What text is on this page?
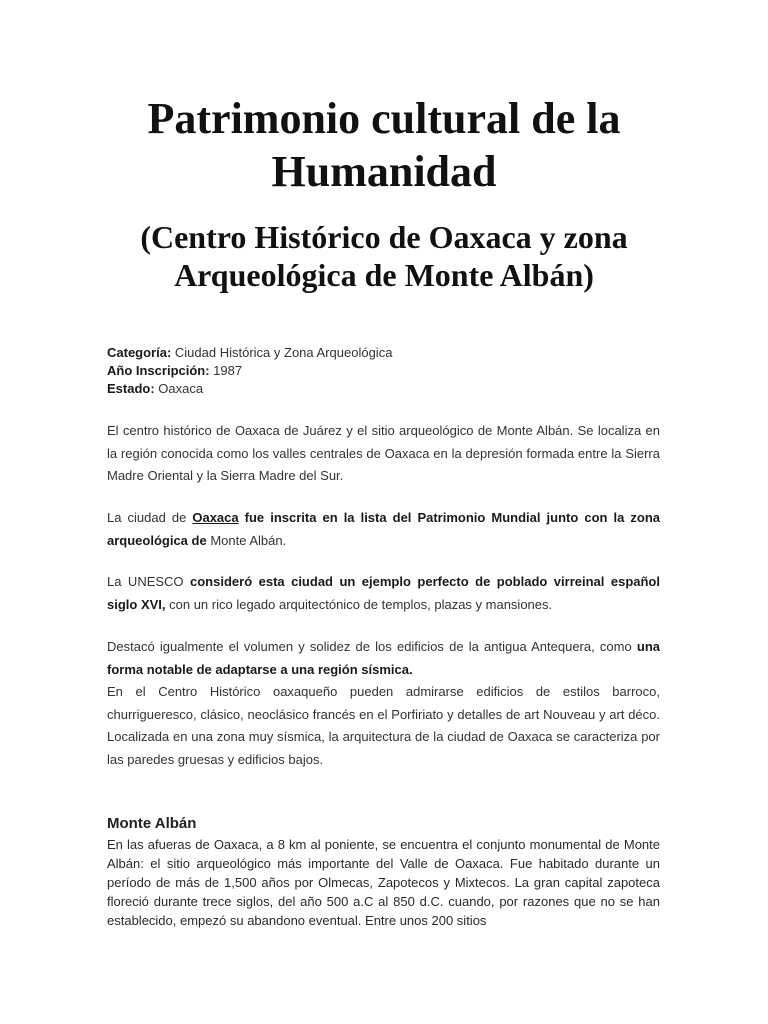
Patrimonio cultural de la Humanidad
(Centro Histórico de Oaxaca y zona Arqueológica de Monte Albán)
Categoría: Ciudad Histórica y Zona Arqueológica
Año Inscripción: 1987
Estado: Oaxaca

El centro histórico de Oaxaca de Juárez y el sitio arqueológico de Monte Albán. Se localiza en la región conocida como los valles centrales de Oaxaca en la depresión formada entre la Sierra Madre Oriental y la Sierra Madre del Sur.

La ciudad de Oaxaca fue inscrita en la lista del Patrimonio Mundial junto con la zona arqueológica de Monte Albán.

La UNESCO consideró esta ciudad un ejemplo perfecto de poblado virreinal español siglo XVI, con un rico legado arquitectónico de templos, plazas y mansiones.

Destacó igualmente el volumen y solidez de los edificios de la antigua Antequera, como una forma notable de adaptarse a una región sísmica.
En el Centro Histórico oaxaqueño pueden admirarse edificios de estilos barroco, churrigueresco, clásico, neoclásico francés en el Porfiriato y detalles de art Nouveau y art déco. Localizada en una zona muy sísmica, la arquitectura de la ciudad de Oaxaca se caracteriza por las paredes gruesas y edificios bajos.

Monte Albán

En las afueras de Oaxaca, a 8 km al poniente, se encuentra el conjunto monumental de Monte Albán: el sitio arqueológico más importante del Valle de Oaxaca. Fue habitado durante un período de más de 1,500 años por Olmecas, Zapotecos y Mixtecos. La gran capital zapoteca floreció durante trece siglos, del año 500 a.C al 850 d.C. cuando, por razones que no se han establecido, empezó su abandono eventual. Entre unos 200 sitios
